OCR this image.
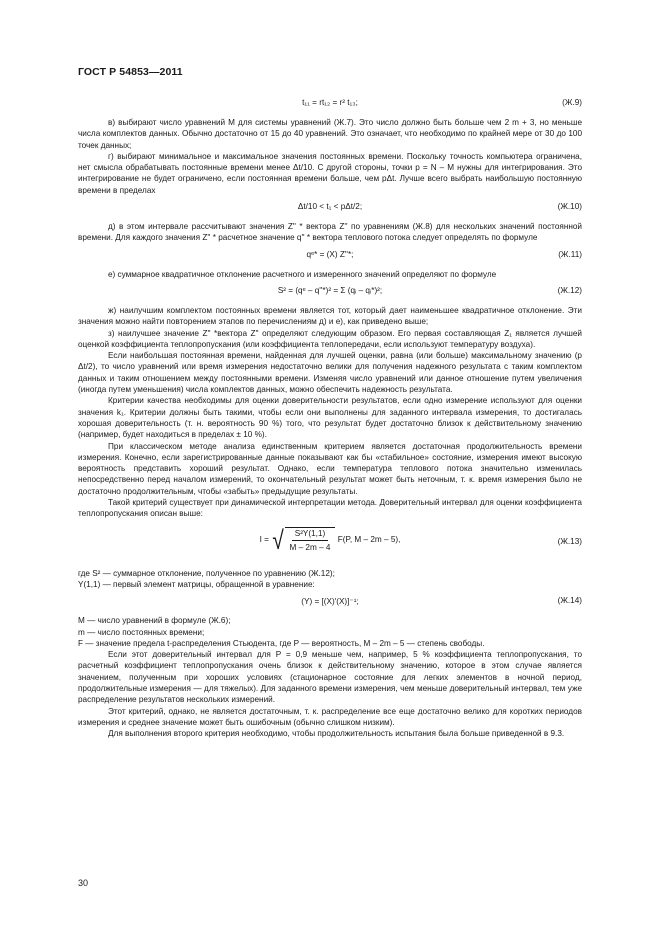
ГОСТ Р 54853—2011
t₁₁ = rt₁₂ = r² t₁₃;	(Ж.9)

в) выбирают число уравнений M для системы уравнений (Ж.7). Это число должно быть больше чем 2 m + 3, но меньше числа комплектов данных. Обычно достаточно от 15 до 40 уравнений. Это означает, что необходимо по крайней мере от 30 до 100 точек данных;

г) выбирают минимальное и максимальное значения постоянных времени. Поскольку точность компьютера ограничена, нет смысла обрабатывать постоянные времени менее Δt/10. С другой стороны, точки p = N – M нужны для интегрирования. Это интегрирование не будет ограничено, если постоянная времени больше, чем pΔt. Лучше всего выбрать наибольшую постоянную времени в пределах

Δt/10 < t₁ < pΔt/2;	(Ж.10)

д) в этом интервале рассчитывают значения Z'' * вектора Z'' по уравнениям (Ж.8) для нескольких значений постоянной времени. Для каждого значения Z'' * расчетное значение q'' * вектора теплового потока следует определять по формуле

qᵉ* = (X) Z''*;	(Ж.11)

е) суммарное квадратичное отклонение расчетного и измеренного значений определяют по формуле

S² = (qᵉ – q''*)² = Σ (qᵢ – qᵢ*)²;	(Ж.12)

ж) наилучшим комплектом постоянных времени является тот, который дает наименьшее квадратичное отклонение. Эти значения можно найти повторением этапов по перечислениям д) и е), как приведено выше;

з) наилучшее значение Z'' *вектора Z'' определяют следующим образом. Его первая составляющая Z₁ является лучшей оценкой коэффициента теплопропускания (или коэффициента теплопередачи, если используют температуру воздуха).

Если наибольшая постоянная времени, найденная для лучшей оценки, равна (или больше) максимальному значению (p Δt/2), то число уравнений или время измерения недостаточно велики для получения надежного результата с таким комплектом данных и таким отношением между постоянными времени. Изменяя число уравнений или данное отношение путем увеличения (иногда путем уменьшения) числа комплектов данных, можно обеспечить надежность результата.

Критерии качества необходимы для оценки доверительности результатов, если одно измерение используют для оценки значения k₁. Критерии должны быть такими, чтобы если они выполнены для заданного интервала измерения, то достигалась хорошая доверительность (т. н. вероятность 90 %) того, что результат будет достаточно близок к действительному значению (например, будет находиться в пределах ± 10 %).

При классическом методе анализа единственным критерием является достаточная продолжительность времени измерения. Конечно, если зарегистрированные данные показывают как бы «стабильное» состояние, измерения имеют высокую вероятность представить хороший результат. Однако, если температура теплового потока значительно изменилась непосредственно перед началом измерений, то окончательный результат может быть неточным, т. к. время измерения было не достаточно продолжительным, чтобы «забыть» предыдущие результаты.

Такой критерий существует при динамической интерпретации метода. Доверительный интервал для оценки коэффициента теплопропускания описан выше:

I =
√ $\frac{\text{S²Y(1,1)}}{M - 2m - 4}$
F(P, M – 2m – 5),	(Ж.13)

где S² — суммарное отклонение, полученное по уравнению (Ж.12);

Y(1,1) — первый элемент матрицы, обращенной в уравнение:

(Y) = [(X)′(X)]⁻¹;	(Ж.14)

M — число уравнений в формуле (Ж.6);

m — число постоянных времени;

F — значение предела t-распределения Стьюдента, где P — вероятность, M – 2m – 5 — степень свободы.

Если этот доверительный интервал для P = 0,9 меньше чем, например, 5 % коэффициента теплопропускания, то расчетный коэффициент теплопропускания очень близок к действительному значению, которое в этом случае является значением, полученным при хороших условиях (стационарное состояние для легких элементов в ночной период, продолжительные измерения — для тяжелых). Для заданного времени измерения, чем меньше доверительный интервал, тем уже распределение результатов нескольких измерений.

Этот критерий, однако, не является достаточным, т. к. распределение все еще достаточно велико для коротких периодов измерения и среднее значение может быть ошибочным (обычно слишком низким).

Для выполнения второго критерия необходимо, чтобы продолжительность испытания была больше приведенной в 9.3.

30
